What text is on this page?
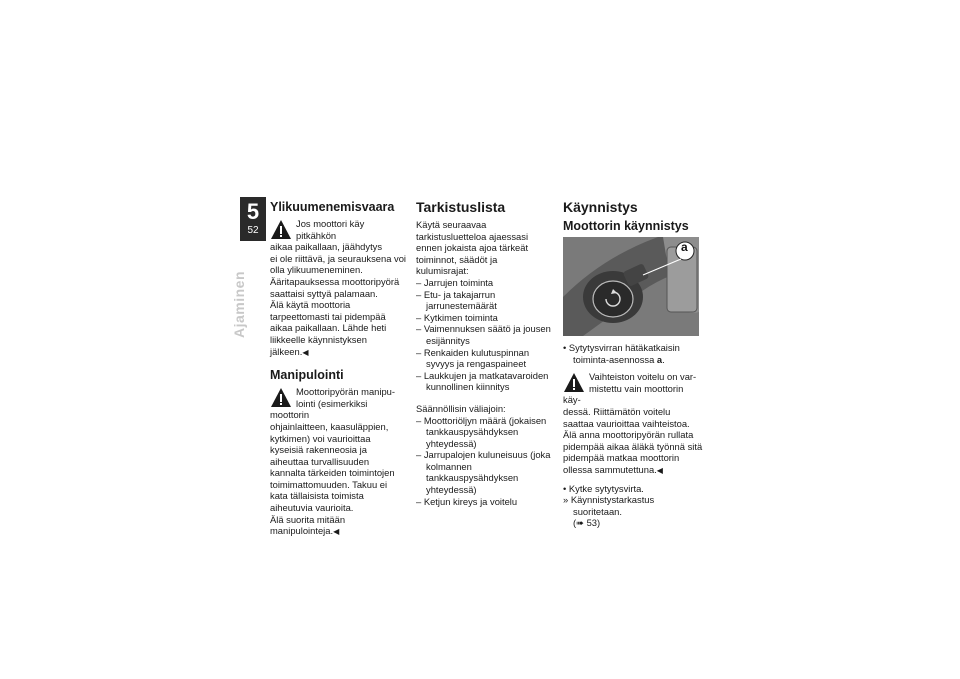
5
52
Ajaminen
Ylikuumenemisvaara

Jos moottori käy pitkähkön
aikaa paikallaan, jäähdytys

ei ole riittävä, ja seurauksena voi olla ylikuumeneminen. Ääritapauksessa moottoripyörä saattaisi syttyä palamaan.

Älä käytä moottoria tarpeettomasti tai pidempää aikaa paikallaan. Lähde heti liikkeelle käynnistyksen jälkeen.◀

Manipulointi

Moottoripyörän manipu-
lointi (esimerkiksi moottorin

ohjainlaitteen, kaasuläppien, kytkimen) voi vaurioittaa kyseisiä rakenneosia ja aiheuttaa turvallisuuden kannalta tärkeiden toimintojen toimimattomuuden. Takuu ei kata tällaisista toimista aiheutuvia vaurioita.

Älä suorita mitään manipulointeja.◀

Tarkistuslista

Käytä seuraavaa tarkistusluetteloa ajaessasi ennen jokaista ajoa tärkeät toiminnot, säädöt ja kulumisrajat:

– Jarrujen toiminta
– Etu- ja takajarrun jarrunestemäärät
– Kytkimen toiminta
– Vaimennuksen säätö ja jousen esijännitys
– Renkaiden kulutuspinnan syvyys ja rengaspaineet
– Laukkujen ja matkatavaroiden kunnollinen kiinnitys

Säännöllisin väliajoin:

– Moottoriöljyn määrä (jokaisen tankkauspysähdyksen yhteydessä)
– Jarrupalojen kuluneisuus (joka kolmannen tankkauspysähdyksen yhteydessä)
– Ketjun kireys ja voitelu
Käynnistys
Moottorin käynnistys
a

• Sytytysvirran hätäkatkaisin toiminta-asennossa a.

Vaihteiston voitelu on var-
mistettu vain moottorin käy-

dessä. Riittämätön voitelu saattaa vaurioittaa vaihteistoa.

Älä anna moottoripyörän rullata pidempää aikaa äläkä työnnä sitä pidempää matkaa moottorin ollessa sammutettuna.◀

• Kytke sytytysvirta.

» Käynnistystarkastus suoritetaan.
(➠ 53)
